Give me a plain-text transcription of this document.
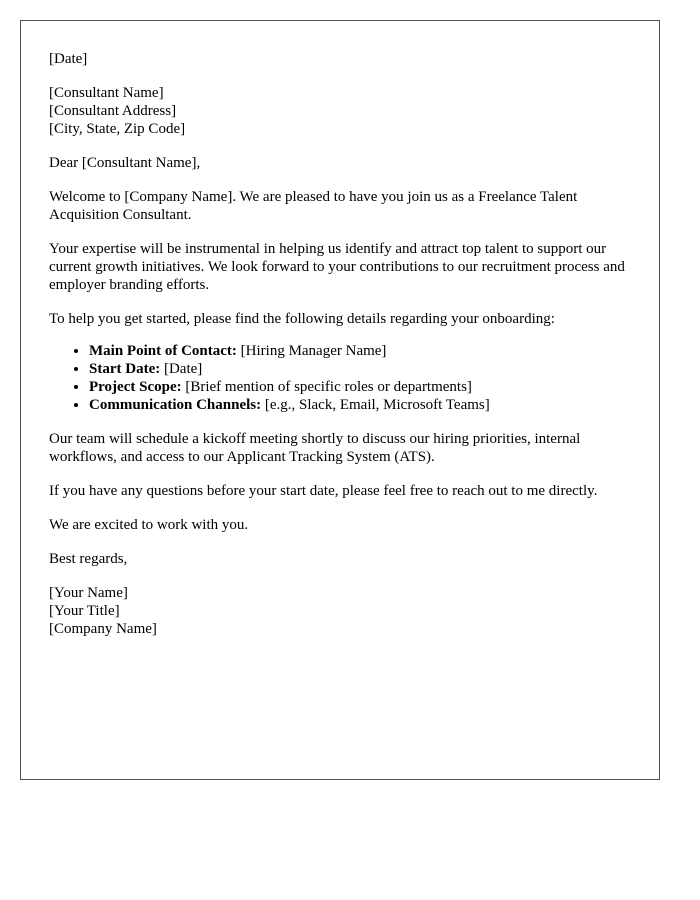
[Date]

[Consultant Name]
[Consultant Address]
[City, State, Zip Code]

Dear [Consultant Name],

Welcome to [Company Name]. We are pleased to have you join us as a Freelance Talent Acquisition Consultant.

Your expertise will be instrumental in helping us identify and attract top talent to support our current growth initiatives. We look forward to your contributions to our recruitment process and employer branding efforts.

To help you get started, please find the following details regarding your onboarding:

• Main Point of Contact: [Hiring Manager Name]
• Start Date: [Date]
• Project Scope: [Brief mention of specific roles or departments]
• Communication Channels: [e.g., Slack, Email, Microsoft Teams]

Our team will schedule a kickoff meeting shortly to discuss our hiring priorities, internal workflows, and access to our Applicant Tracking System (ATS).

If you have any questions before your start date, please feel free to reach out to me directly.

We are excited to work with you.

Best regards,

[Your Name]
[Your Title]
[Company Name]
